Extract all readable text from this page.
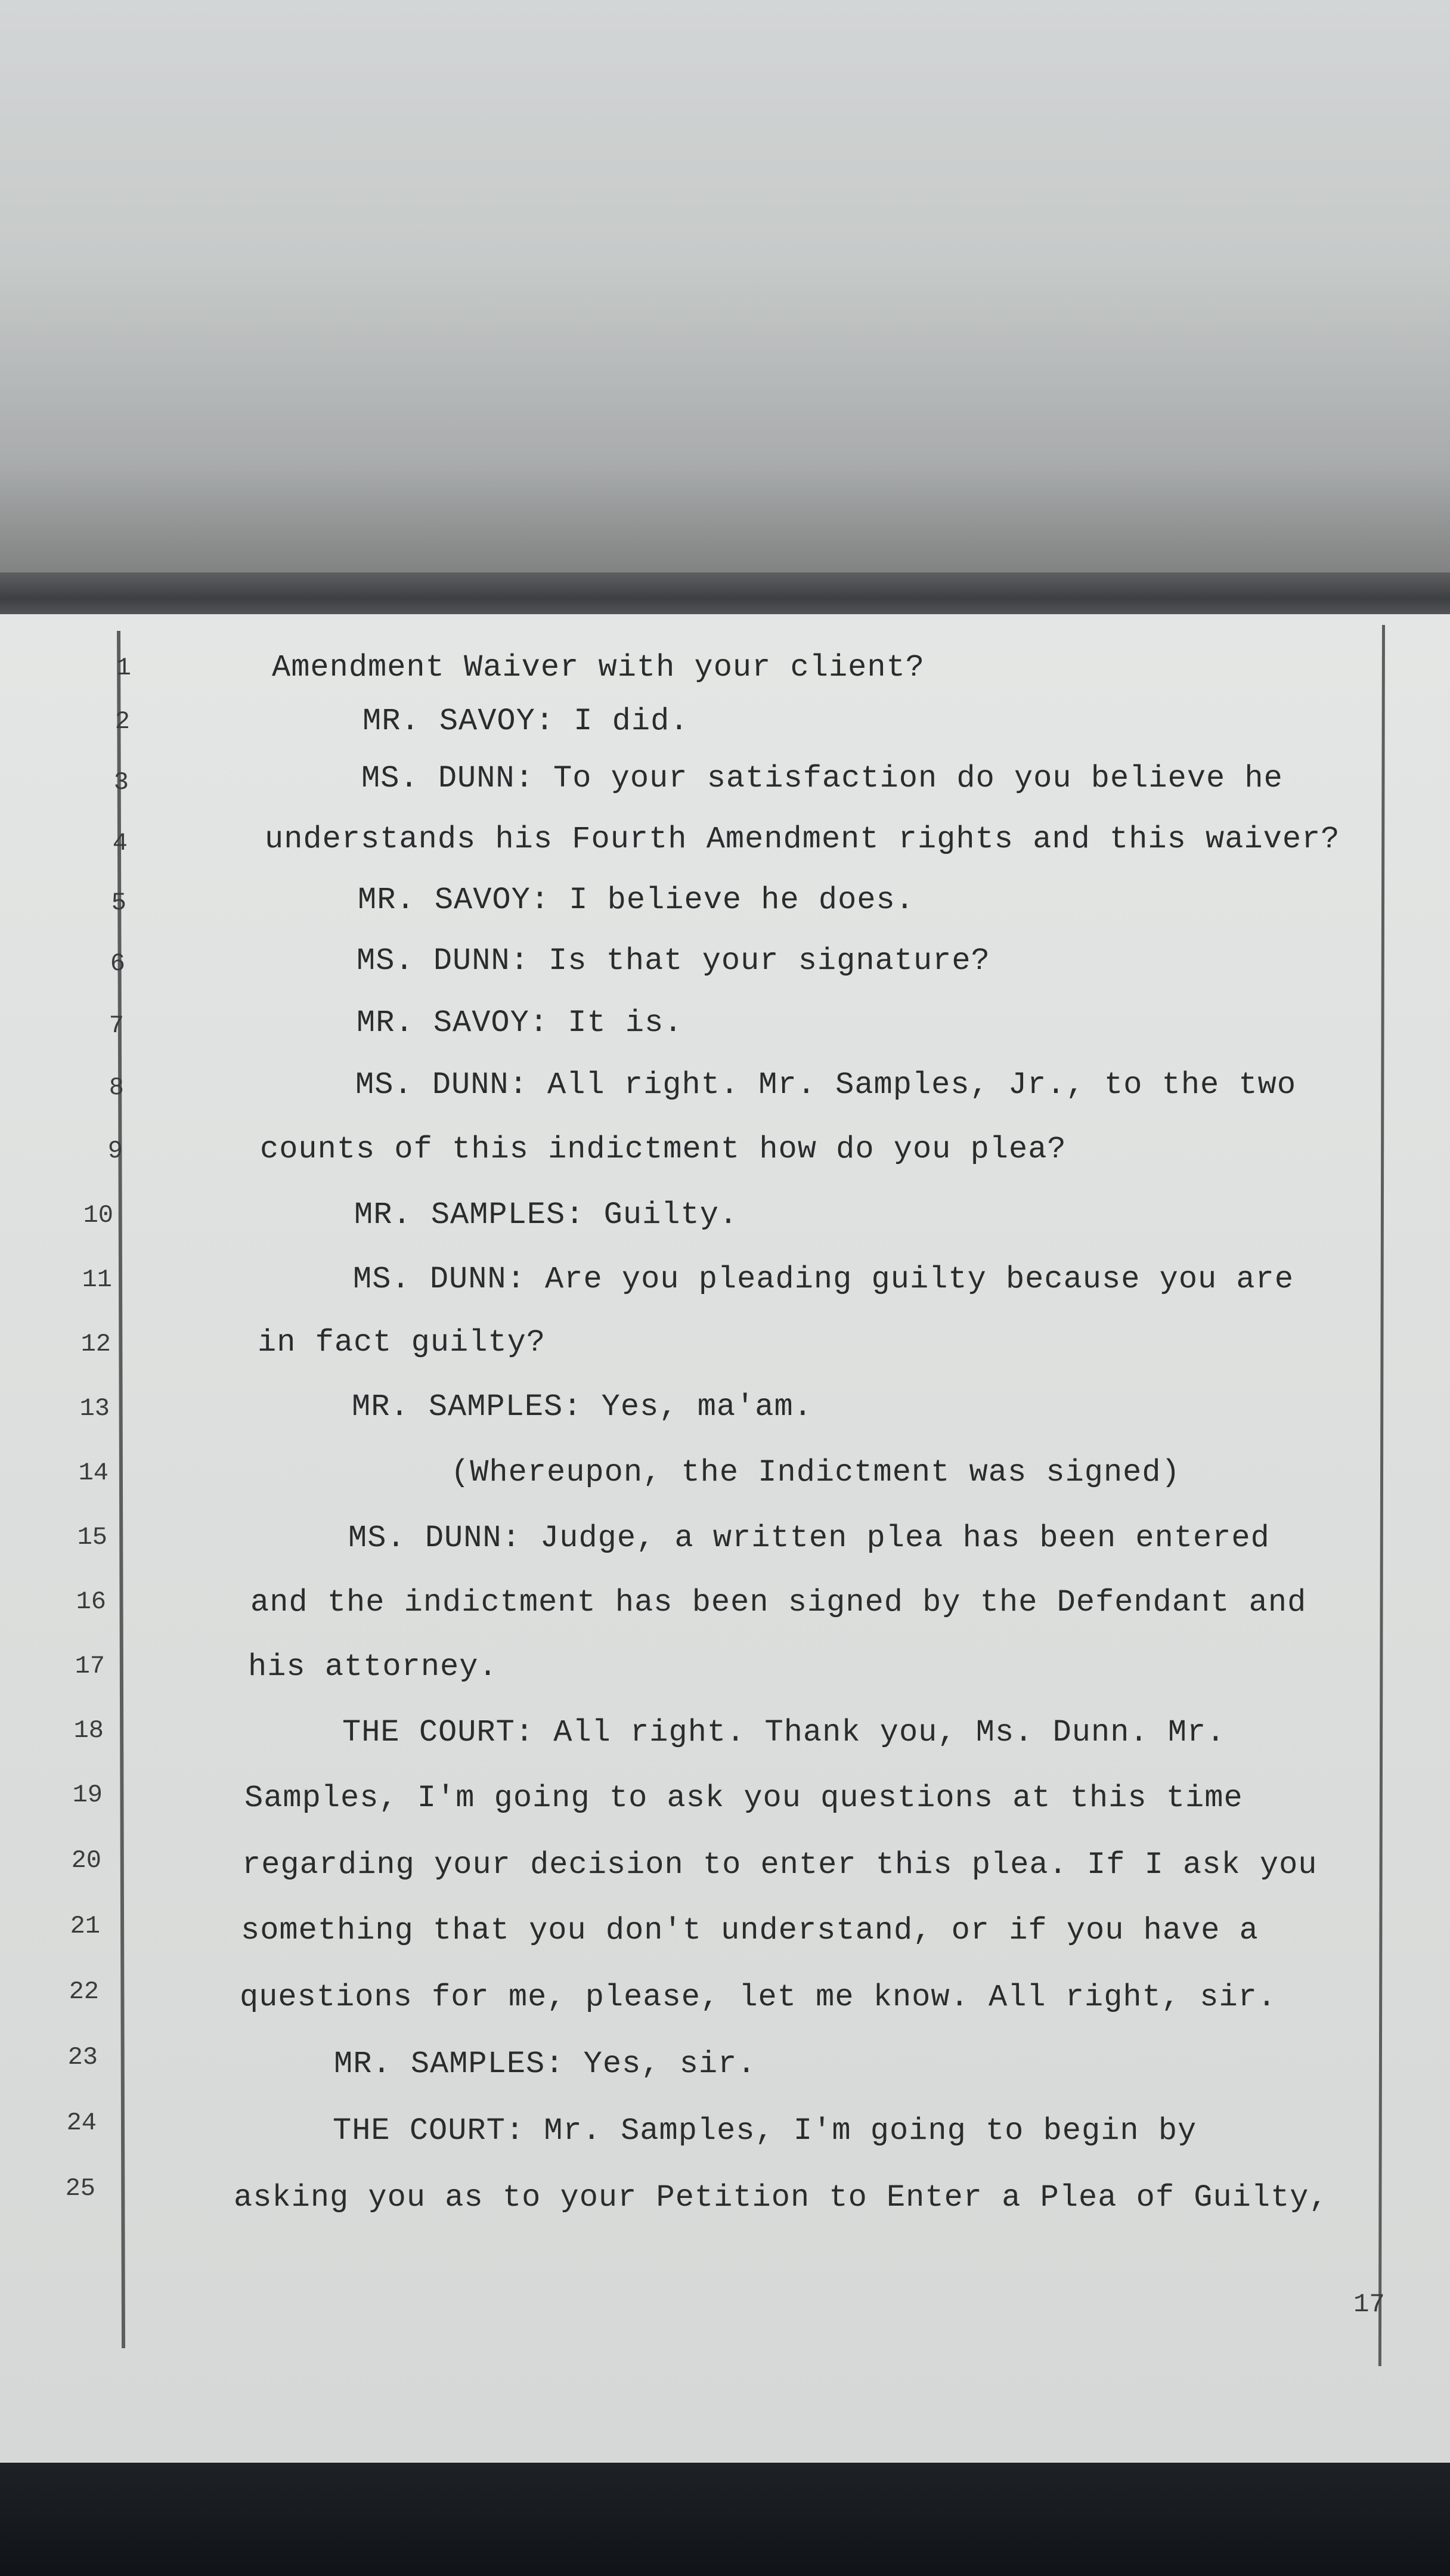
1	Amendment Waiver with your client?
2	MR. SAVOY: I did.
3	MS. DUNN: To your satisfaction do you believe he
4	understands his Fourth Amendment rights and this waiver?
5	MR. SAVOY: I believe he does.
6	MS. DUNN: Is that your signature?
7	MR. SAVOY: It is.
8	MS. DUNN: All right. Mr. Samples, Jr., to the two
9	counts of this indictment how do you plea?
10	MR. SAMPLES: Guilty.
11	MS. DUNN: Are you pleading guilty because you are
12	in fact guilty?
13	MR. SAMPLES: Yes, ma'am.
14	(Whereupon, the Indictment was signed)
15	MS. DUNN: Judge, a written plea has been entered
16	and the indictment has been signed by the Defendant and
17	his attorney.
18	THE COURT: All right. Thank you, Ms. Dunn. Mr.
19	Samples, I'm going to ask you questions at this time
20	regarding your decision to enter this plea. If I ask you
21	something that you don't understand, or if you have a
22	questions for me, please, let me know. All right, sir.
23	MR. SAMPLES: Yes, sir.
24	THE COURT: Mr. Samples, I'm going to begin by
25	asking you as to your Petition to Enter a Plea of Guilty,
17
